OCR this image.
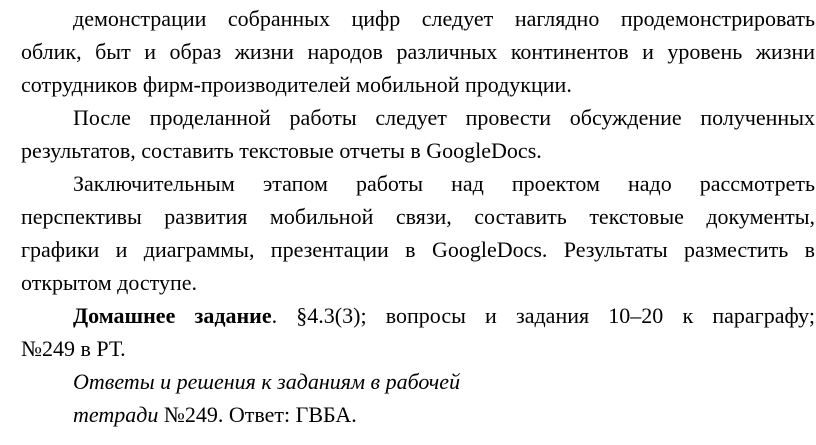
демонстрации собранных цифр следует наглядно продемонстрировать
облик, быт и образ жизни народов различных континентов и уровень жизни
сотрудников фирм-производителей мобильной продукции.
После проделанной работы следует провести обсуждение полученных
результатов, составить текстовые отчеты в GoogleDocs.
Заключительным этапом работы над проектом надо рассмотреть
перспективы развития мобильной связи, составить текстовые документы,
графики и диаграммы, презентации в GoogleDocs. Результаты разместить в
открытом доступе.
Домашнее задание. §4.3(3); вопросы и задания 10–20 к параграфу;
№249 в РТ.
Ответы и решения к заданиям в рабочей
тетради №249. Ответ: ГВБА.
